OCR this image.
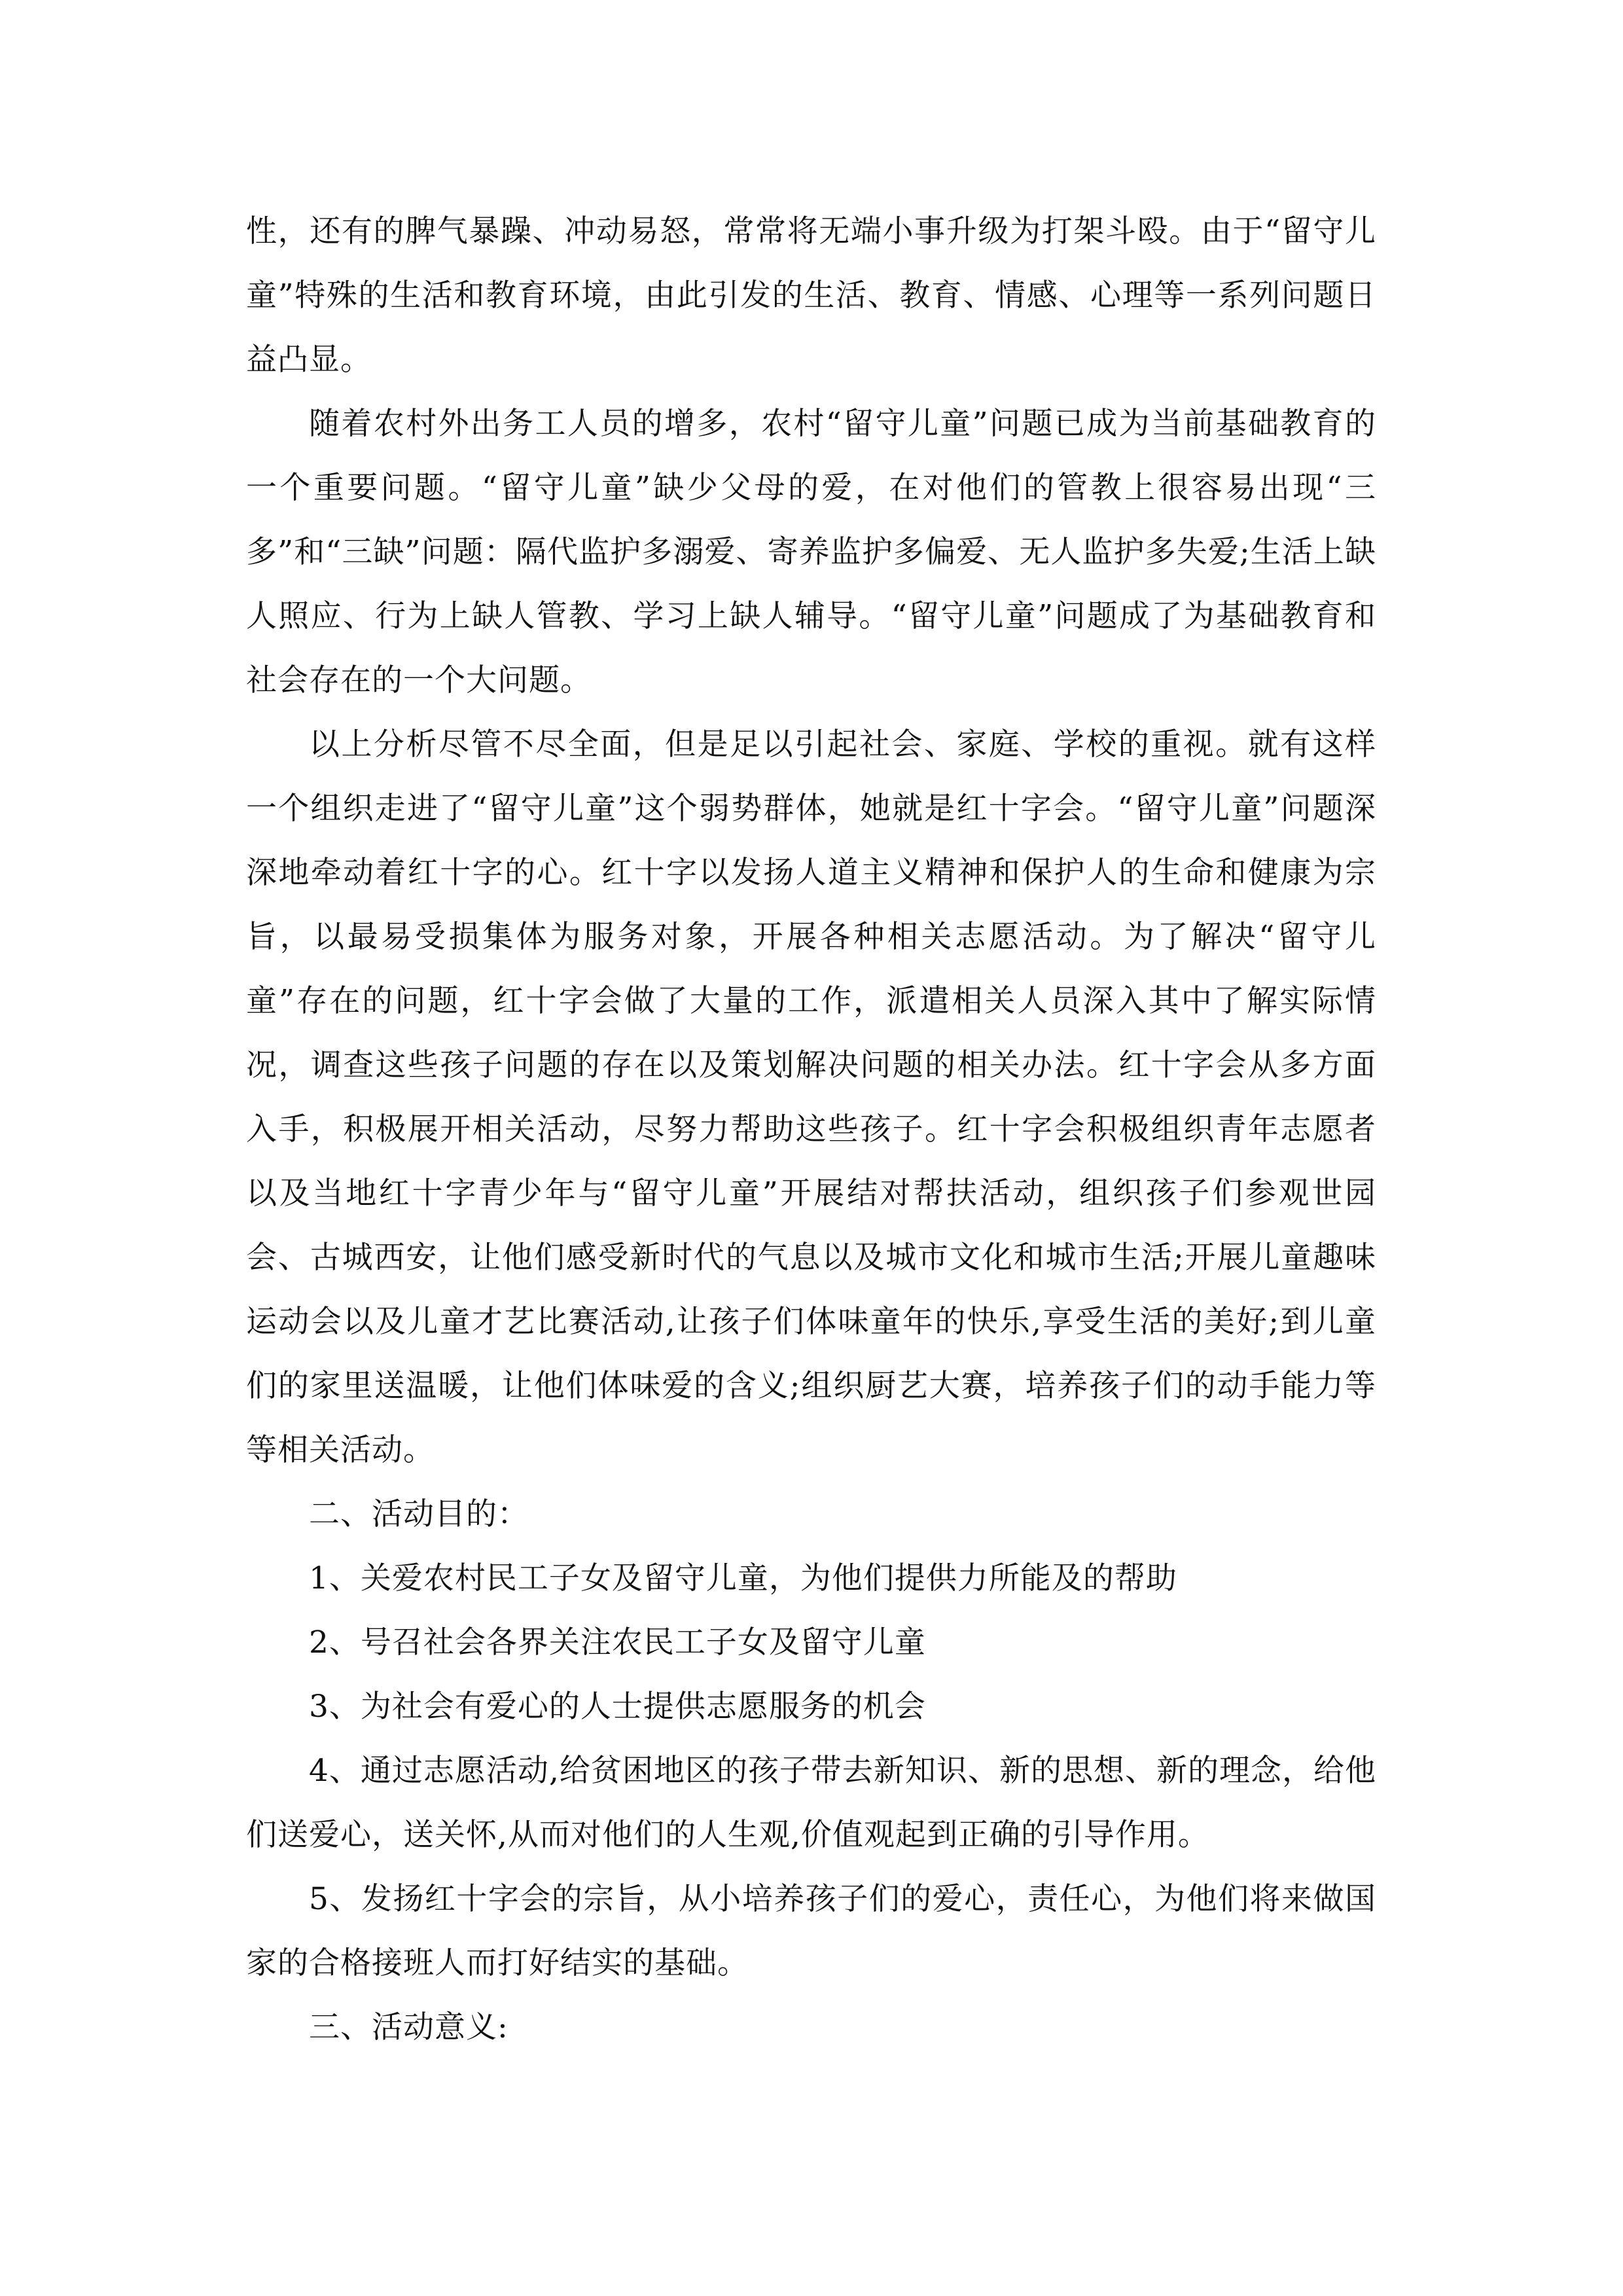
性，还有的脾气暴躁、冲动易怒，常常将无端小事升级为打架斗殴。由于“留守儿童”特殊的生活和教育环境，由此引发的生活、教育、情感、心理等一系列问题日益凸显。

随着农村外出务工人员的增多，农村“留守儿童”问题已成为当前基础教育的一个重要问题。“留守儿童”缺少父母的爱，在对他们的管教上很容易出现“三多”和“三缺”问题：隔代监护多溺爱、寄养监护多偏爱、无人监护多失爱;生活上缺人照应、行为上缺人管教、学习上缺人辅导。“留守儿童”问题成了为基础教育和社会存在的一个大问题。

以上分析尽管不尽全面，但是足以引起社会、家庭、学校的重视。就有这样一个组织走进了“留守儿童”这个弱势群体，她就是红十字会。“留守儿童”问题深深地牵动着红十字的心。红十字以发扬人道主义精神和保护人的生命和健康为宗旨，以最易受损集体为服务对象，开展各种相关志愿活动。为了解决“留守儿童”存在的问题，红十字会做了大量的工作，派遣相关人员深入其中了解实际情况，调查这些孩子问题的存在以及策划解决问题的相关办法。红十字会从多方面入手，积极展开相关活动，尽努力帮助这些孩子。红十字会积极组织青年志愿者以及当地红十字青少年与“留守儿童”开展结对帮扶活动，组织孩子们参观世园会、古城西安，让他们感受新时代的气息以及城市文化和城市生活;开展儿童趣味运动会以及儿童才艺比赛活动,让孩子们体味童年的快乐,享受生活的美好;到儿童们的家里送温暖，让他们体味爱的含义;组织厨艺大赛，培养孩子们的动手能力等等相关活动。

二、活动目的：

1、关爱农村民工子女及留守儿童，为他们提供力所能及的帮助

2、号召社会各界关注农民工子女及留守儿童

3、为社会有爱心的人士提供志愿服务的机会

4、通过志愿活动,给贫困地区的孩子带去新知识、新的思想、新的理念，给他们送爱心，送关怀,从而对他们的人生观,价值观起到正确的引导作用。

5、发扬红十字会的宗旨，从小培养孩子们的爱心，责任心，为他们将来做国家的合格接班人而打好结实的基础。

三、活动意义:
